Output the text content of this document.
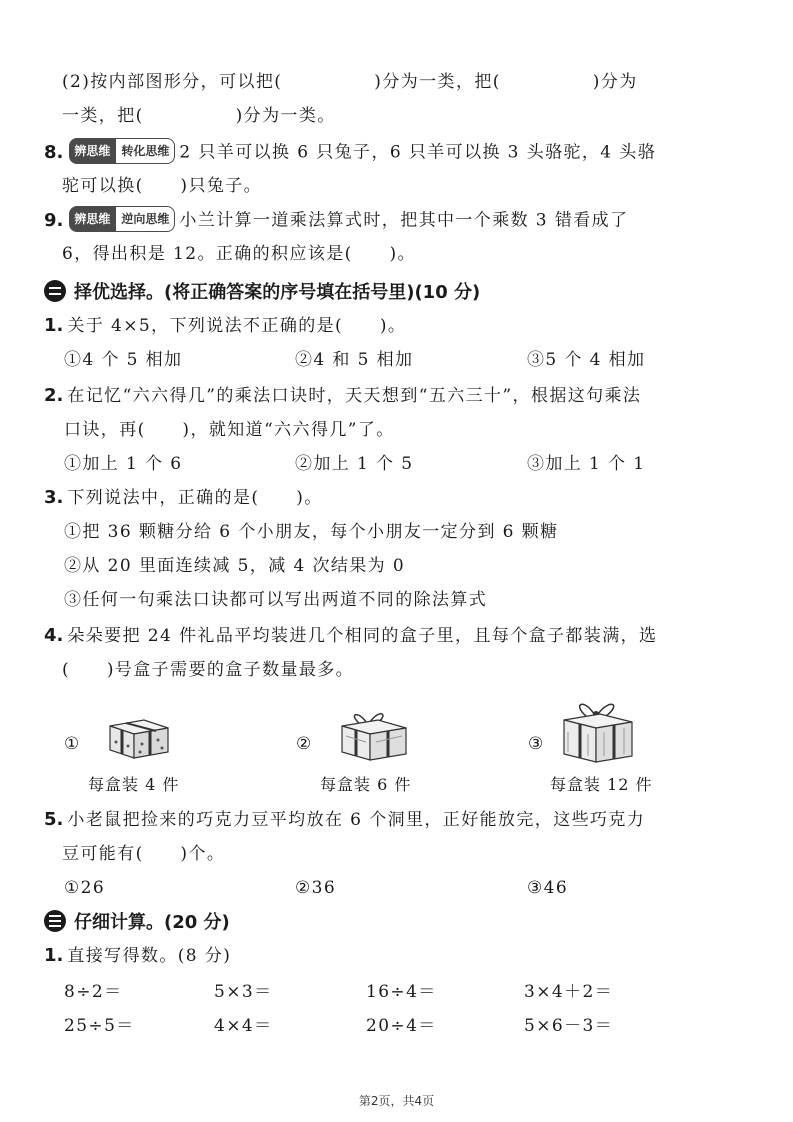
(2)按内部图形分，可以把(　　　　　)分为一类，把(　　　　　)分为
一类，把(　　　　　)分为一类。
8. 辨思维 转化思维 2 只羊可以换 6 只兔子，6 只羊可以换 3 头骆驼，4 头骆
驼可以换(　　)只兔子。
9. 辨思维 逆向思维 小兰计算一道乘法算式时，把其中一个乘数 3 错看成了
6，得出积是 12。正确的积应该是(　　)。
择优选择。(将正确答案的序号填在括号里)(10 分)
1. 关于 4×5，下列说法不正确的是(　　)。
①4 个 5 相加	②4 和 5 相加	③5 个 4 相加
2. 在记忆“六六得几”的乘法口诀时，天天想到“五六三十”，根据这句乘法
口诀，再(　　)，就知道“六六得几”了。
①加上 1 个 6	②加上 1 个 5	③加上 1 个 1
3. 下列说法中，正确的是(　　)。
①把 36 颗糖分给 6 个小朋友，每个小朋友一定分到 6 颗糖
②从 20 里面连续减 5，减 4 次结果为 0
③任何一句乘法口诀都可以写出两道不同的除法算式
4. 朵朵要把 24 件礼品平均装进几个相同的盒子里，且每个盒子都装满，选
(　　)号盒子需要的盒子数量最多。
①
每盒装 4 件
②
每盒装 6 件
③
每盒装 12 件
5. 小老鼠把捡来的巧克力豆平均放在 6 个洞里，正好能放完，这些巧克力
豆可能有(　　)个。
①26	②36	③46
仔细计算。(20 分)
1. 直接写得数。(8 分)
8÷2＝	5×3＝	16÷4＝	3×4＋2＝
25÷5＝	4×4＝	20÷4＝	5×6－3＝
第2页，共4页
